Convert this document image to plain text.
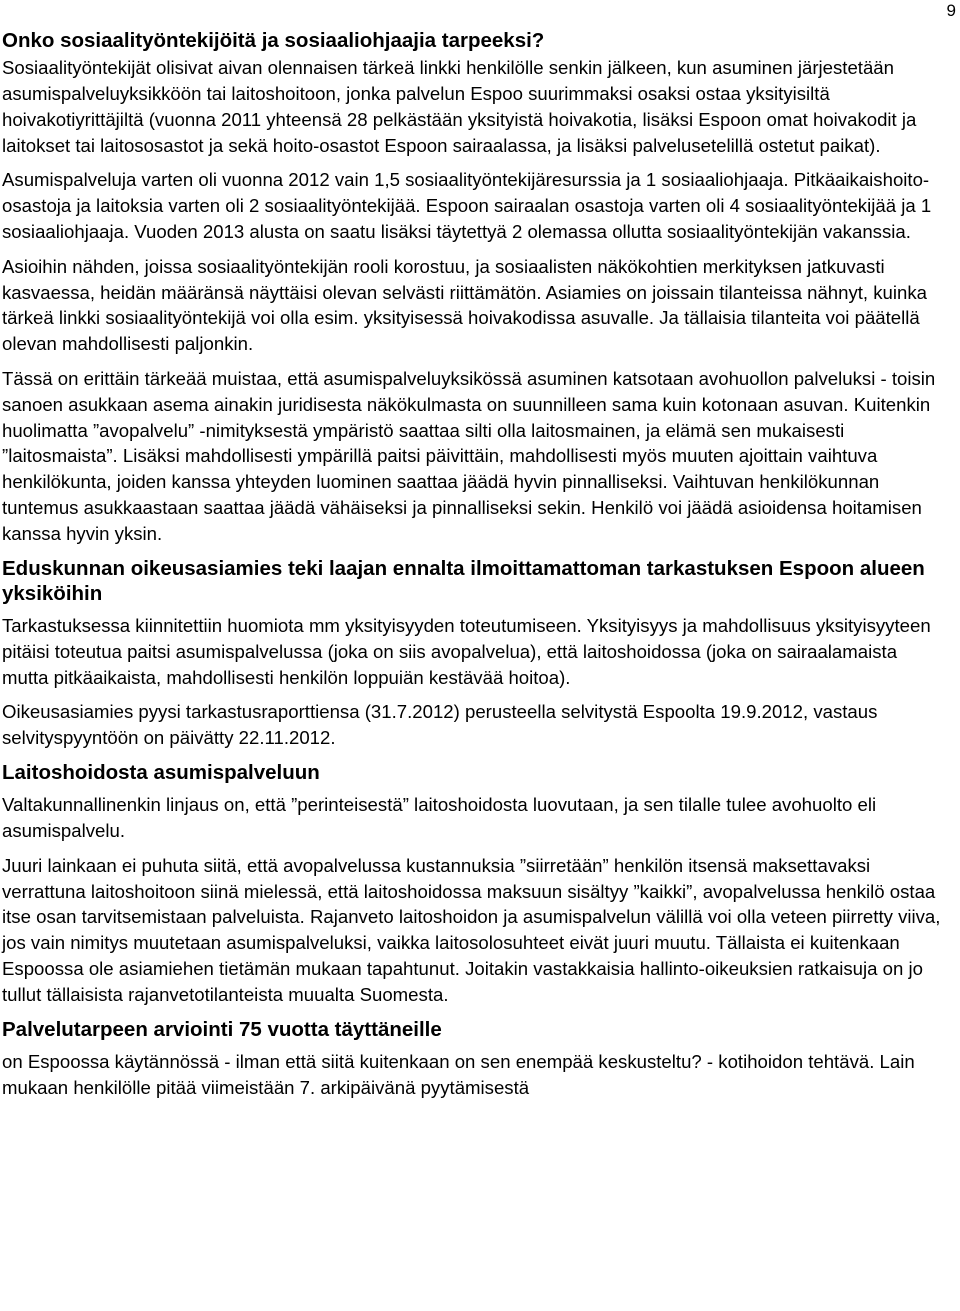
9
Onko sosiaalityöntekijöitä ja sosiaaliohjaajia tarpeeksi?

Sosiaalityöntekijät olisivat aivan olennaisen tärkeä linkki henkilölle senkin jälkeen, kun asuminen järjestetään asumispalveluyksikköön tai laitoshoitoon, jonka palvelun Espoo suurimmaksi osaksi ostaa yksityisiltä hoivakotiyrittäjiltä (vuonna 2011 yhteensä 28 pelkästään yksityistä hoivakotia, lisäksi Espoon omat hoivakodit ja laitokset tai laitososastot ja sekä hoito-osastot Espoon sairaalassa, ja lisäksi palvelusetelillä ostetut paikat).

Asumispalveluja varten oli vuonna 2012 vain 1,5 sosiaalityöntekijäresurssia ja 1 sosiaaliohjaaja. Pitkäaikaishoito-osastoja ja laitoksia varten oli 2 sosiaalityöntekijää. Espoon sairaalan osastoja varten oli 4 sosiaalityöntekijää ja 1 sosiaaliohjaaja. Vuoden 2013 alusta on saatu lisäksi täytettyä 2 olemassa ollutta sosiaalityöntekijän vakanssia.

Asioihin nähden, joissa sosiaalityöntekijän rooli korostuu, ja sosiaalisten näkökohtien merkityksen jatkuvasti kasvaessa, heidän määränsä näyttäisi olevan selvästi riittämätön. Asiamies on joissain tilanteissa nähnyt, kuinka tärkeä linkki sosiaalityöntekijä voi olla esim. yksityisessä hoivakodissa asuvalle. Ja tällaisia tilanteita voi päätellä olevan mahdollisesti paljonkin.

Tässä on erittäin tärkeää muistaa, että asumispalveluyksikössä asuminen katsotaan avohuollon palveluksi - toisin sanoen asukkaan asema ainakin juridisesta näkökulmasta on suunnilleen sama kuin kotonaan asuvan. Kuitenkin huolimatta ”avopalvelu” -nimityksestä ympäristö saattaa silti olla laitosmainen, ja elämä sen mukaisesti ”laitosmaista”. Lisäksi mahdollisesti ympärillä paitsi päivittäin, mahdollisesti myös muuten ajoittain vaihtuva henkilökunta, joiden kanssa yhteyden luominen saattaa jäädä hyvin pinnalliseksi. Vaihtuvan henkilökunnan tuntemus asukkaastaan saattaa jäädä vähäiseksi ja pinnalliseksi sekin. Henkilö voi jäädä asioidensa hoitamisen kanssa hyvin yksin.

Eduskunnan oikeusasiamies teki laajan ennalta ilmoittamattoman tarkastuksen Espoon alueen yksiköihin

Tarkastuksessa kiinnitettiin huomiota mm yksityisyyden toteutumiseen. Yksityisyys ja mahdollisuus yksityisyyteen pitäisi toteutua paitsi asumispalvelussa (joka on siis avopalvelua), että laitoshoidossa (joka on sairaalamaista mutta pitkäaikaista, mahdollisesti henkilön loppuiän kestävää hoitoa).

Oikeusasiamies pyysi tarkastusraporttiensa (31.7.2012) perusteella selvitystä Espoolta 19.9.2012, vastaus selvityspyyntöön on päivätty 22.11.2012.

Laitoshoidosta asumispalveluun

Valtakunnallinenkin linjaus on, että ”perinteisestä” laitoshoidosta luovutaan, ja sen tilalle tulee avohuolto eli asumispalvelu.

Juuri lainkaan ei puhuta siitä, että avopalvelussa kustannuksia ”siirretään” henkilön itsensä maksettavaksi verrattuna laitoshoitoon siinä mielessä, että laitoshoidossa maksuun sisältyy ”kaikki”, avopalvelussa henkilö ostaa itse osan tarvitsemistaan palveluista. Rajanveto laitoshoidon ja asumispalvelun välillä voi olla veteen piirretty viiva, jos vain nimitys muutetaan asumispalveluksi, vaikka laitosolosuhteet eivät juuri muutu. Tällaista ei kuitenkaan Espoossa ole asiamiehen tietämän mukaan tapahtunut. Joitakin vastakkaisia hallinto-oikeuksien ratkaisuja on jo tullut tällaisista rajanvetotilanteista muualta Suomesta.

Palvelutarpeen arviointi 75 vuotta täyttäneille

on Espoossa käytännössä - ilman että siitä kuitenkaan on sen enempää keskusteltu? - kotihoidon tehtävä. Lain mukaan henkilölle pitää viimeistään 7. arkipäivänä pyytämisestä
